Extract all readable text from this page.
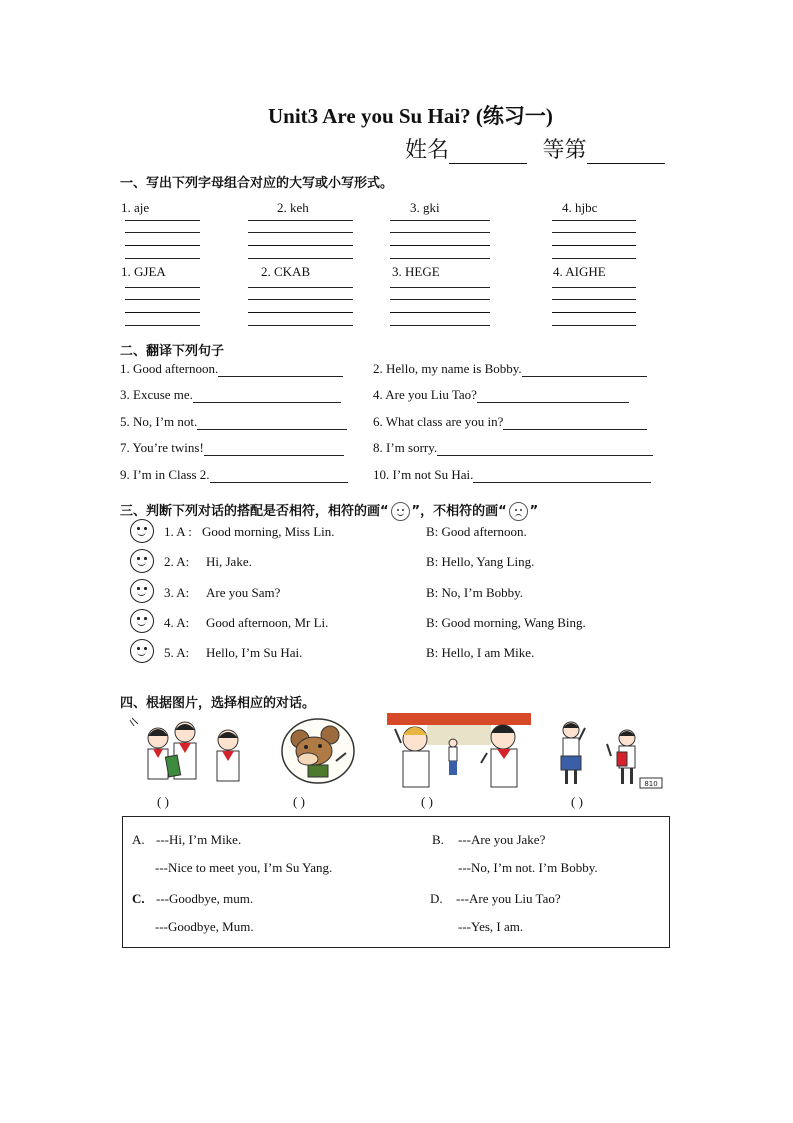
Unit3 Are you Su Hai? (练习一)
姓名	等第
一、写出下列字母组合对应的大写或小写形式。
1. aje	2. keh	3. gki	4. hjbc
1. GJEA	2. CKAB	3. HEGE	4. AIGHE
二、翻译下列句子
1. Good afternoon.	2. Hello, my name is Bobby.
3. Excuse me.	4. Are you Liu Tao?
5. No, I’m not.	6. What class are you in?
7. You’re twins!	8. I’m sorry.
9. I’m in Class 2.	10. I’m not Su Hai.
三、判断下列对话的搭配是否相符，相符的画“ ”，不相符的画“ ”
1. A : Good morning, Miss Lin.	B: Good afternoon.
2. A: Hi, Jake.	B: Hello, Yang Ling.
3. A: Are you Sam?	B: No, I’m Bobby.
4. A: Good afternoon, Mr Li.	B: Good morning, Wang Bing.
5. A: Hello, I’m Su Hai.	B: Hello, I am Mike.
四、根据图片，选择相应的对话。
810
( )	( )	( )	( )
A. ---Hi, I’m Mike.
---Nice to meet you, I’m Su Yang.
B. ---Are you Jake?
---No, I’m not. I’m Bobby.
C. ---Goodbye, mum.
---Goodbye, Mum.
D. ---Are you Liu Tao?
---Yes, I am.
